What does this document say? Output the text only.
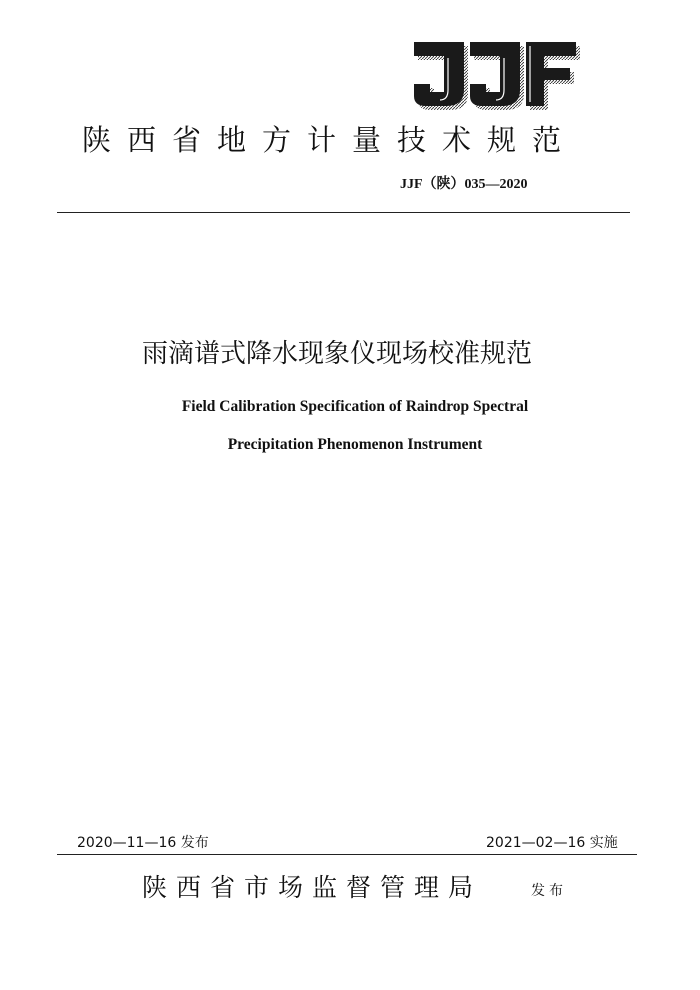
陕西省地方计量技术规范
JJF（陕）035—2020
雨滴谱式降水现象仪现场校准规范
Field Calibration Specification of Raindrop Spectral
Precipitation Phenomenon Instrument
2020—11—16 发布	2021—02—16 实施
陕西省市场监督管理局	发布
